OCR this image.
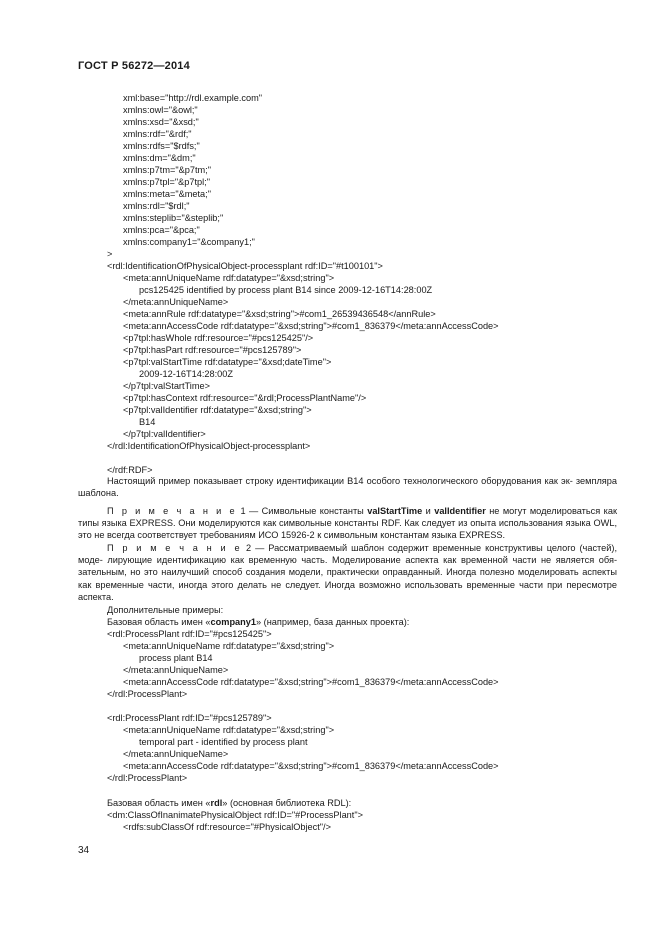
ГОСТ Р 56272—2014
xml:base="http://rdl.example.com"
xmlns:owl="&owl;"
xmlns:xsd="&xsd;"
xmlns:rdf="&rdf;"
xmlns:rdfs="$rdfs;"
xmlns:dm="&dm;"
xmlns:p7tm="&p7tm;"
xmlns:p7tpl="&p7tpl;"
xmlns:meta="&meta;"
xmlns:rdl="$rdl;"
xmlns:steplib="&steplib;"
xmlns:pca="&pca;"
xmlns:company1="&company1;"
>
<rdl:IdentificationOfPhysicalObject-processplant rdf:ID="#t100101">
<meta:annUniqueName rdf:datatype="&xsd;string">
pcs125425 identified by process plant B14 since 2009-12-16T14:28:00Z
</meta:annUniqueName>
<meta:annRule rdf:datatype="&xsd;string">#com1_26539436548</annRule>
<meta:annAccessCode rdf:datatype="&xsd;string">#com1_836379</meta:annAccessCode>
<p7tpl:hasWhole rdf:resource="#pcs125425"/>
<p7tpl:hasPart rdf:resource="#pcs125789">
<p7tpl:valStartTime rdf:datatype="&xsd;dateTime">
2009-12-16T14:28:00Z
</p7tpl:valStartTime>
<p7tpl:hasContext rdf:resource="&rdl;ProcessPlantName"/>
<p7tpl:valIdentifier rdf:datatype="&xsd;string">
B14
</p7tpl:valIdentifier>
</rdl:IdentificationOfPhysicalObject-processplant>
</rdf:RDF>
Настоящий пример показывает строку идентификации B14 особого технологического оборудования как эк- земпляра шаблона.
П р и м е ч а н и е 1 — Символьные константы valStartTime и valIdentifier не могут моделироваться как типы языка EXPRESS. Они моделируются как символьные константы RDF. Как следует из опыта использования языка OWL, это не всегда соответствует требованиям ИСО 15926-2 к символьным константам языка EXPRESS.
П р и м е ч а н и е 2 — Рассматриваемый шаблон содержит временные конструктивы целого (частей), моде- лирующие идентификацию как временную часть. Моделирование аспекта как временной части не является обя- зательным, но это наилучший способ создания модели, практически оправданный. Иногда полезно моделировать аспекты как временные части, иногда этого делать не следует. Иногда возможно использовать временные части при пересмотре аспекта.
Дополнительные примеры:
Базовая область имен «company1» (например, база данных проекта):
<rdl:ProcessPlant rdf:ID="#pcs125425">
<meta:annUniqueName rdf:datatype="&xsd;string">
process plant B14
</meta:annUniqueName>
<meta:annAccessCode rdf:datatype="&xsd;string">#com1_836379</meta:annAccessCode>
</rdl:ProcessPlant>
<rdl:ProcessPlant rdf:ID="#pcs125789">
<meta:annUniqueName rdf:datatype="&xsd;string">
temporal part - identified by process plant
</meta:annUniqueName>
<meta:annAccessCode rdf:datatype="&xsd;string">#com1_836379</meta:annAccessCode>
</rdl:ProcessPlant>
Базовая область имен «rdl» (основная библиотека RDL):
<dm:ClassOfInanimatePhysicalObject rdf:ID="#ProcessPlant">
<rdfs:subClassOf rdf:resource="#PhysicalObject"/>
34
